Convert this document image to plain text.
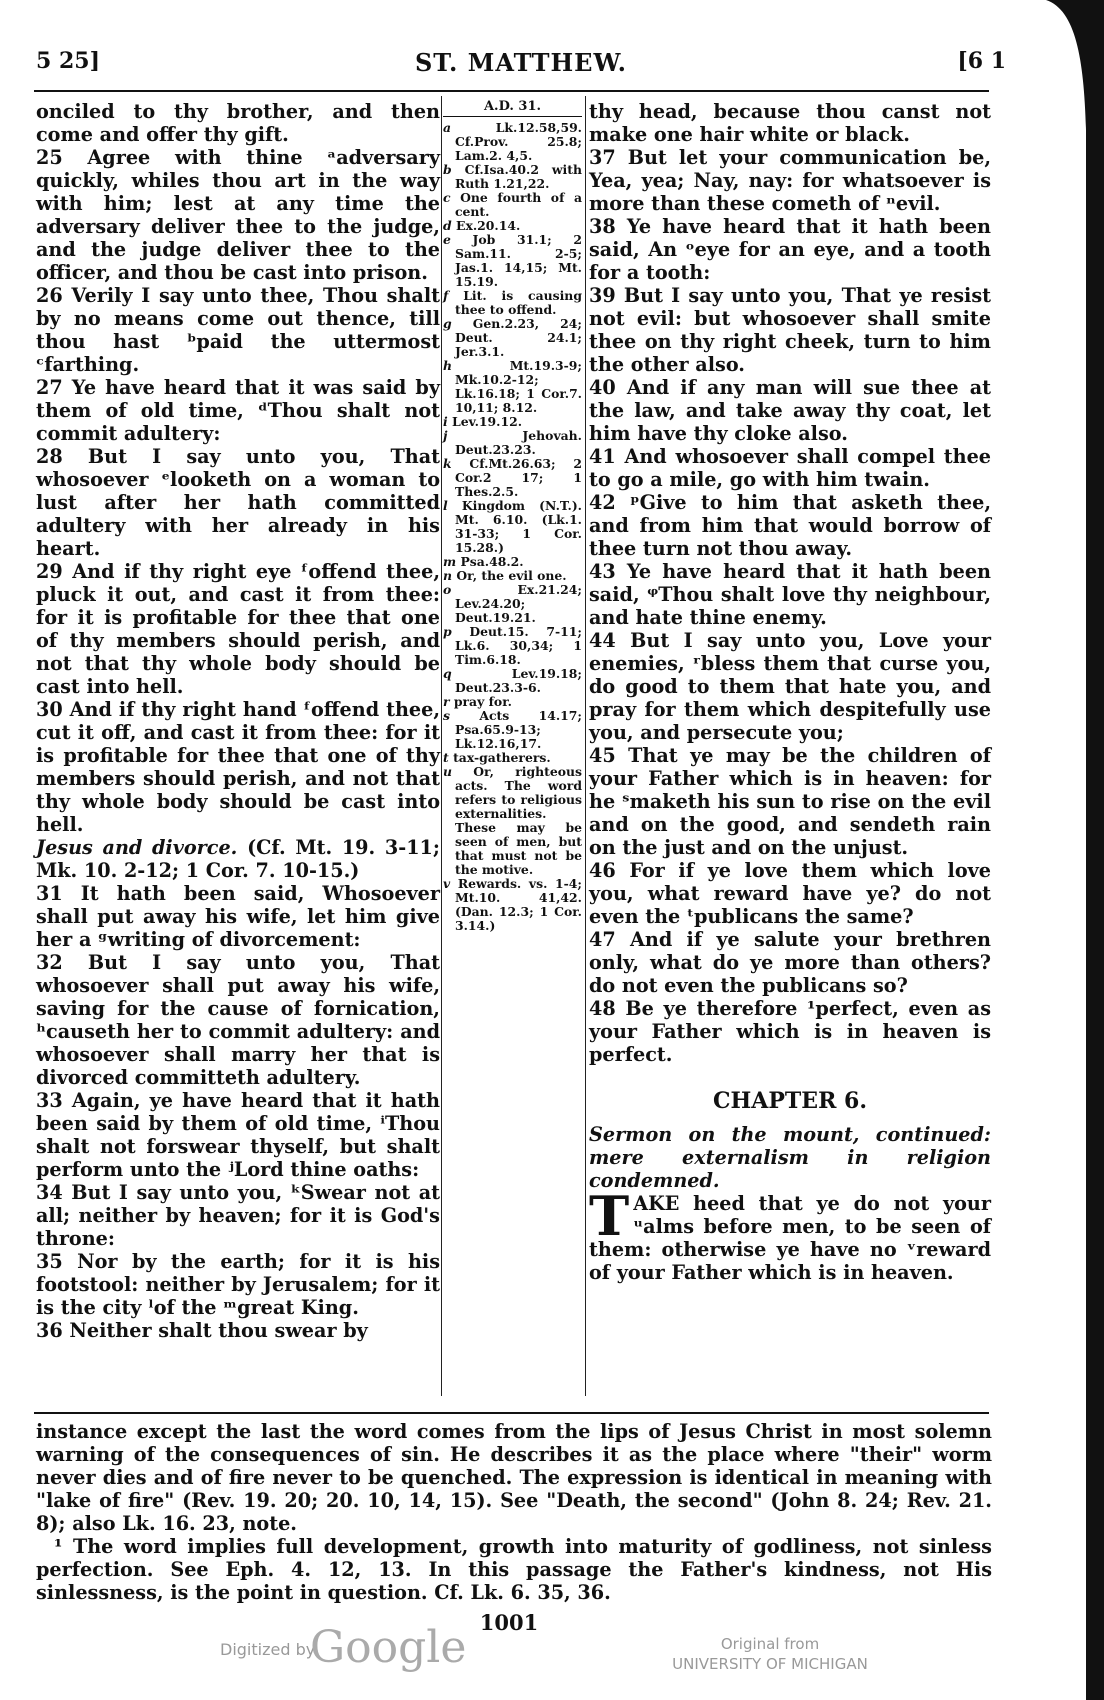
5 25]	ST. MATTHEW.	[6 1

onciled to thy brother, and then come and offer thy gift.

25 Agree with thine ᵃadversary quickly, whiles thou art in the way with him; lest at any time the adversary deliver thee to the judge, and the judge deliver thee to the officer, and thou be cast into prison.

26 Verily I say unto thee, Thou shalt by no means come out thence, till thou hast ᵇpaid the uttermost ᶜfarthing.

27 Ye have heard that it was said by them of old time, ᵈThou shalt not commit adultery:

28 But I say unto you, That whosoever ᵉlooketh on a woman to lust after her hath committed adultery with her already in his heart.

29 And if thy right eye ᶠoffend thee, pluck it out, and cast it from thee: for it is profitable for thee that one of thy members should perish, and not that thy whole body should be cast into hell.

30 And if thy right hand ᶠoffend thee, cut it off, and cast it from thee: for it is profitable for thee that one of thy members should perish, and not that thy whole body should be cast into hell.

Jesus and divorce. (Cf. Mt. 19. 3-11; Mk. 10. 2-12; 1 Cor. 7. 10-15.)

31 It hath been said, Whosoever shall put away his wife, let him give her a ᵍwriting of divorcement:

32 But I say unto you, That whosoever shall put away his wife, saving for the cause of fornication, ʰcauseth her to commit adultery: and whosoever shall marry her that is divorced committeth adultery.

33 Again, ye have heard that it hath been said by them of old time, ⁱThou shalt not forswear thyself, but shalt perform unto the ʲLord thine oaths:

34 But I say unto you, ᵏSwear not at all; neither by heaven; for it is God's throne:

35 Nor by the earth; for it is his footstool: neither by Jerusalem; for it is the city ˡof the ᵐgreat King.

36 Neither shalt thou swear by

A.D. 31.

a	Lk.12.58,59. Cf.Prov. 25.8; Lam.2. 4,5.

b Cf.Isa.40.2 with Ruth 1.21,22.

c One fourth of a cent.

d Ex.20.14.

e Job 31.1; 2 Sam.11. 2-5; Jas.1. 14,15; Mt. 15.19.

f Lit. is causing thee to offend.

g Gen.2.23, 24; Deut. 24.1; Jer.3.1.

h	Mt.19.3-9; Mk.10.2-12; Lk.16.18; 1 Cor.7. 10,11; 8.12.

i Lev.19.12.

j	Jehovah. Deut.23.23.

k Cf.Mt.26.63; 2 Cor.2 17; 1 Thes.2.5.

l Kingdom (N.T.). Mt. 6.10. (Lk.1. 31-33; 1 Cor. 15.28.)

m Psa.48.2.

n Or, the evil one.

o	Ex.21.24; Lev.24.20; Deut.19.21.

p Deut.15. 7-11; Lk.6. 30,34; 1 Tim.6.18.

q	Lev.19.18; Deut.23.3-6.

r pray for.

s Acts 14.17; Psa.65.9-13; Lk.12.16,17.

t tax-gatherers.

u Or, righteous acts. The word refers to religious externalities. These may be seen of men, but that must not be the motive.

v Rewards. vs. 1-4; Mt.10. 41,42. (Dan. 12.3; 1 Cor. 3.14.)

thy head, because thou canst not make one hair white or black.

37 But let your communication be, Yea, yea; Nay, nay: for whatsoever is more than these cometh of ⁿevil.

38 Ye have heard that it hath been said, An ᵒeye for an eye, and a tooth for a tooth:

39 But I say unto you, That ye resist not evil: but whosoever shall smite thee on thy right cheek, turn to him the other also.

40 And if any man will sue thee at the law, and take away thy coat, let him have thy cloke also.

41 And whosoever shall compel thee to go a mile, go with him twain.

42 ᵖGive to him that asketh thee, and from him that would borrow of thee turn not thou away.

43 Ye have heard that it hath been said, ᵠThou shalt love thy neighbour, and hate thine enemy.

44 But I say unto you, Love your enemies, ʳbless them that curse you, do good to them that hate you, and pray for them which despitefully use you, and persecute you;

45 That ye may be the children of your Father which is in heaven: for he ˢmaketh his sun to rise on the evil and on the good, and sendeth rain on the just and on the unjust.

46 For if ye love them which love you, what reward have ye? do not even the ᵗpublicans the same?

47 And if ye salute your brethren only, what do ye more than others? do not even the publicans so?

48 Be ye therefore ¹perfect, even as your Father which is in heaven is perfect.

CHAPTER 6.

Sermon on the mount, continued: mere externalism in religion condemned.

T AKE heed that ye do not your ᵘalms before men, to be seen of them: otherwise ye have no ᵛreward of your Father which is in heaven.

instance except the last the word comes from the lips of Jesus Christ in most solemn warning of the consequences of sin. He describes it as the place where "their" worm never dies and of fire never to be quenched. The expression is identical in meaning with "lake of fire" (Rev. 19. 20; 20. 10, 14, 15). See "Death, the second" (John 8. 24; Rev. 21. 8); also Lk. 16. 23, note.

¹ The word implies full development, growth into maturity of godliness, not sinless perfection. See Eph. 4. 12, 13. In this passage the Father's kindness, not His sinlessness, is the point in question. Cf. Lk. 6. 35, 36.

1001
Digitized by
Google	Original from
UNIVERSITY OF MICHIGAN
